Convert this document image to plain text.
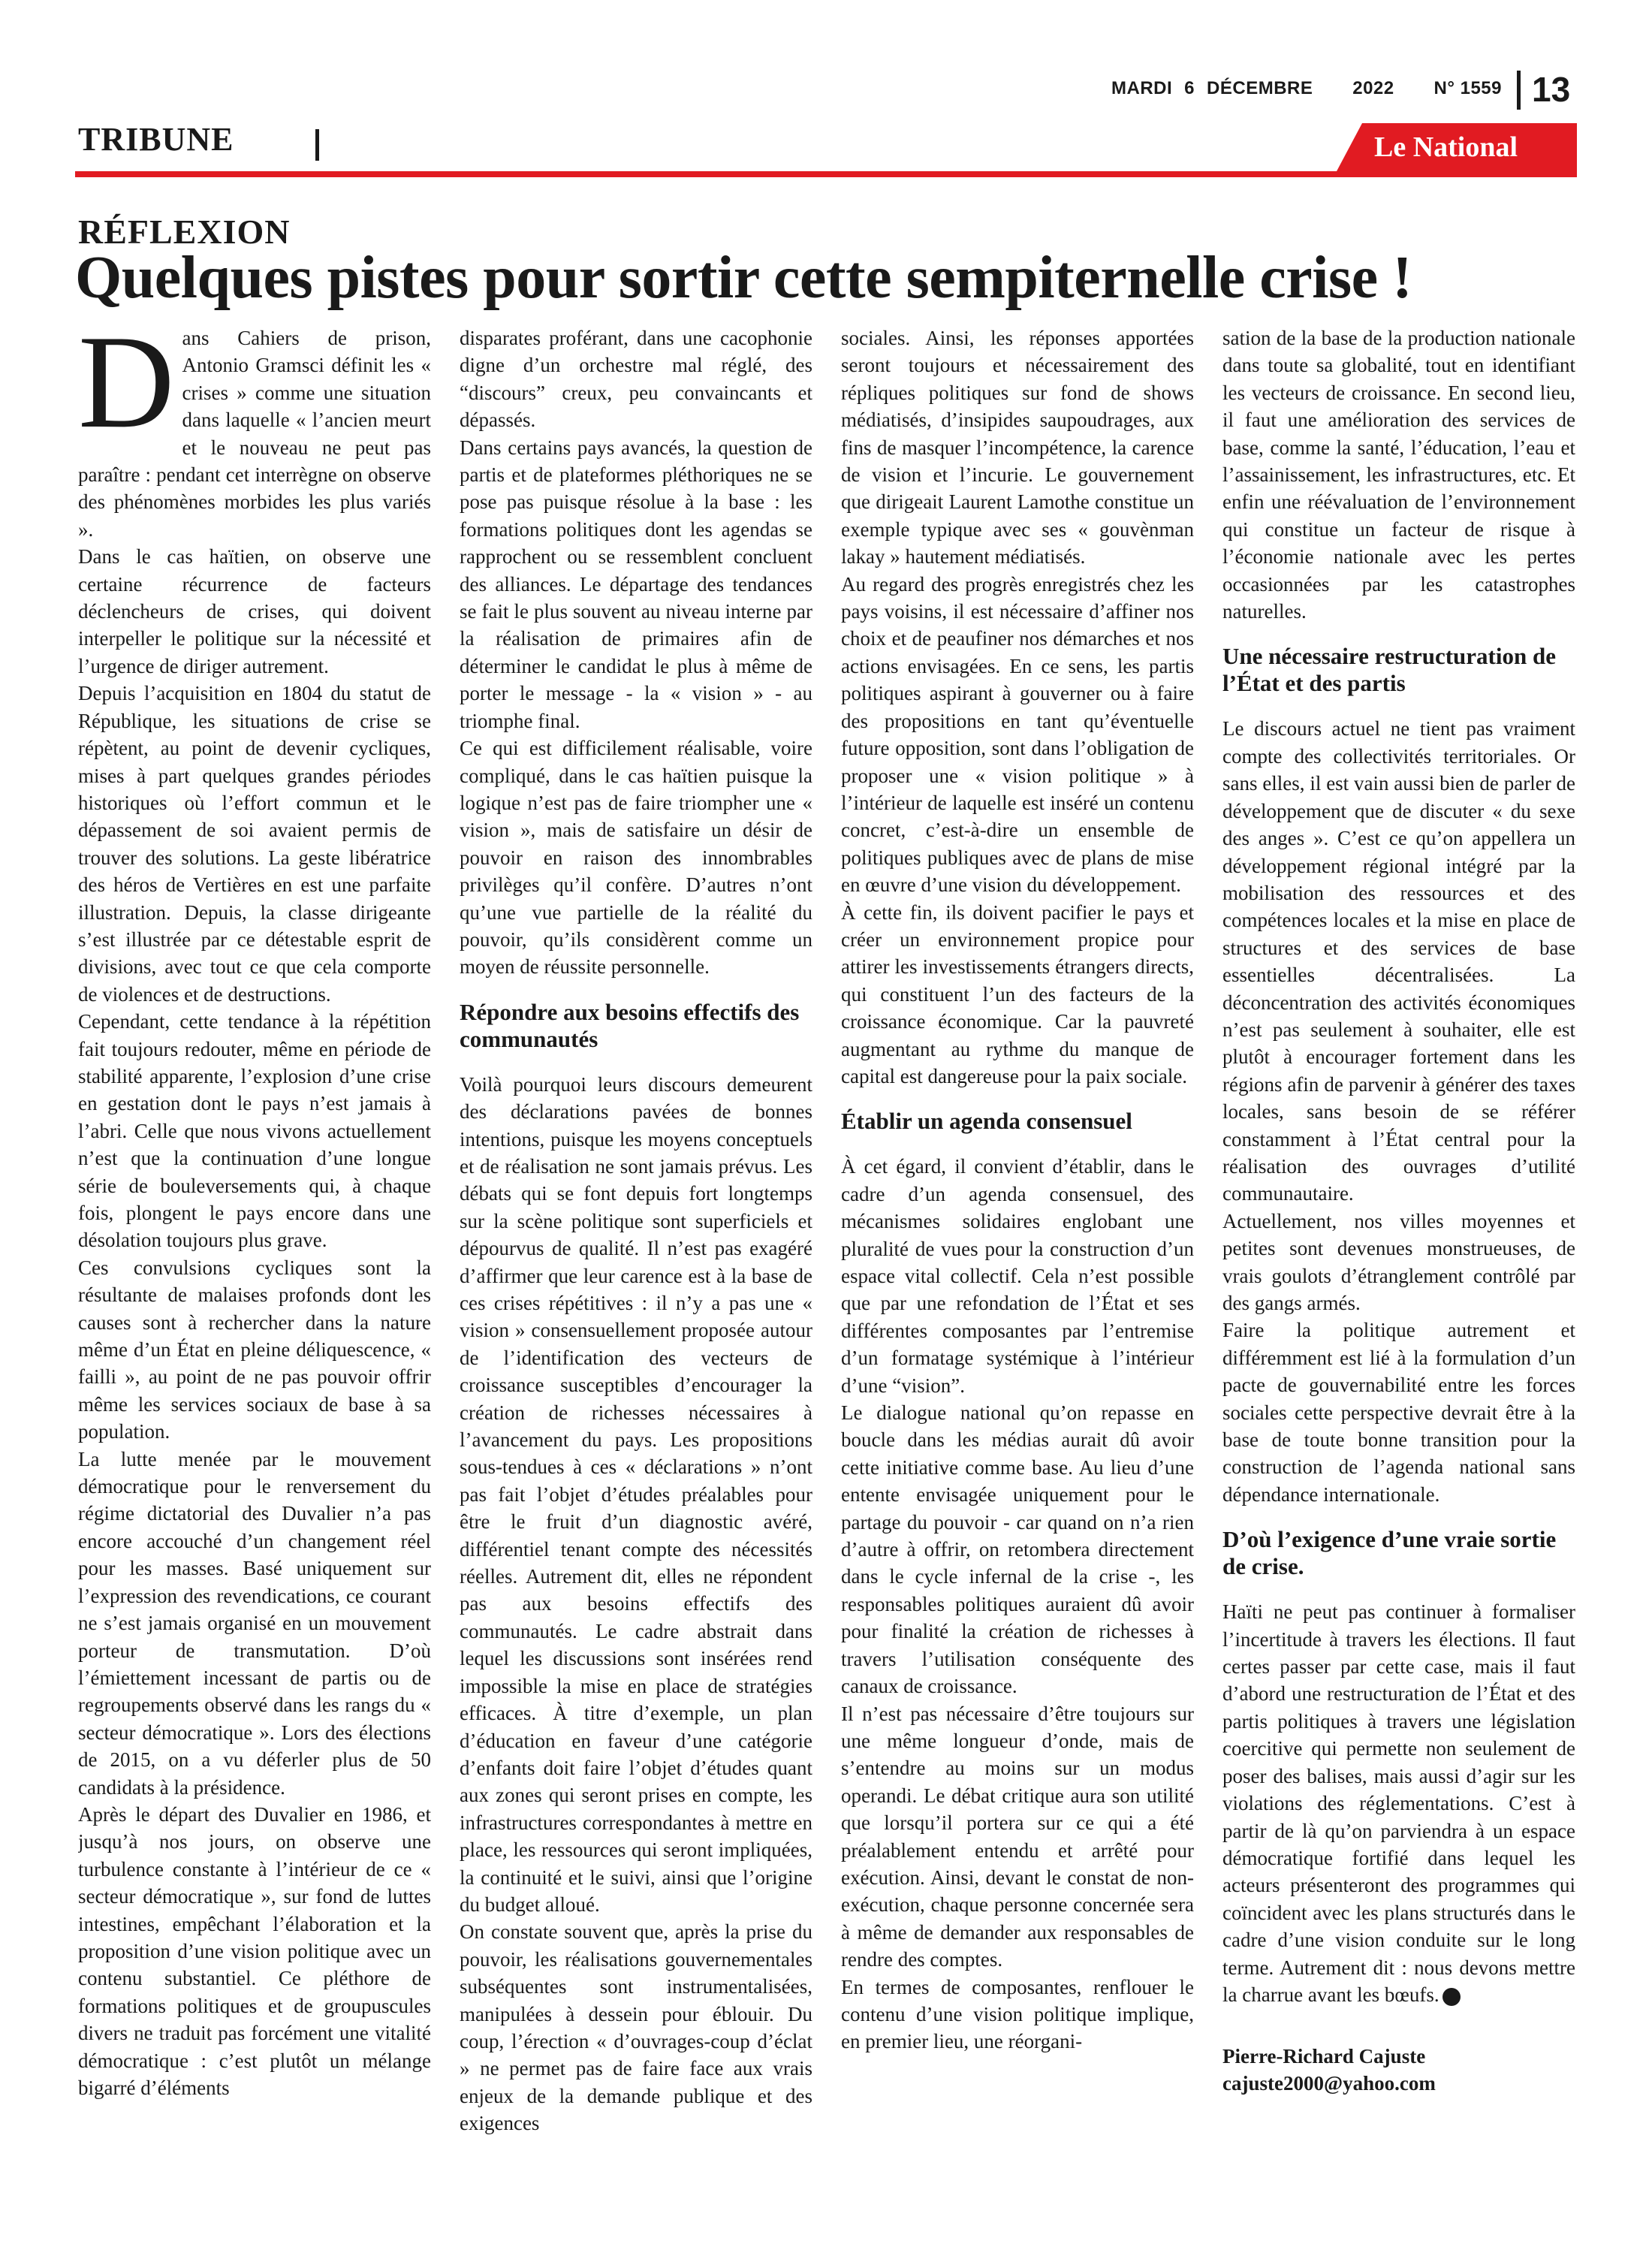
MARDI 6 DÉCEMBRE 2022 N° 1559 13
TRIBUNE	Le National
RÉFLEXION
Quelques pistes pour sortir cette sempiternelle crise !

Dans Cahiers de prison, Antonio Gramsci définit les « crises » comme une situation dans laquelle « l’ancien meurt et le nouveau ne peut pas paraître : pendant cet interrègne on observe des phénomènes morbides les plus variés ».

Dans le cas haïtien, on observe une certaine récurrence de facteurs déclencheurs de crises, qui doivent interpeller le politique sur la nécessité et l’urgence de diriger autrement.

Depuis l’acquisition en 1804 du statut de République, les situations de crise se répètent, au point de devenir cycliques, mises à part quelques grandes périodes historiques où l’effort commun et le dépassement de soi avaient permis de trouver des solutions. La geste libératrice des héros de Vertières en est une parfaite illustration. Depuis, la classe dirigeante s’est illustrée par ce détestable esprit de divisions, avec tout ce que cela comporte de violences et de destructions.

Cependant, cette tendance à la répétition fait toujours redouter, même en période de stabilité apparente, l’explosion d’une crise en gestation dont le pays n’est jamais à l’abri. Celle que nous vivons actuellement n’est que la continuation d’une longue série de bouleversements qui, à chaque fois, plongent le pays encore dans une désolation toujours plus grave.

Ces convulsions cycliques sont la résultante de malaises profonds dont les causes sont à rechercher dans la nature même d’un État en pleine déliquescence, « failli », au point de ne pas pouvoir offrir même les services sociaux de base à sa population.

La lutte menée par le mouvement démocratique pour le renversement du régime dictatorial des Duvalier n’a pas encore accouché d’un changement réel pour les masses. Basé uniquement sur l’expression des revendications, ce courant ne s’est jamais organisé en un mouvement porteur de transmutation. D’où l’émiettement incessant de partis ou de regroupements observé dans les rangs du « secteur démocratique ». Lors des élections de 2015, on a vu déferler plus de 50 candidats à la présidence.

Après le départ des Duvalier en 1986, et jusqu’à nos jours, on observe une turbulence constante à l’intérieur de ce « secteur démocratique », sur fond de luttes intestines, empêchant l’élaboration et la proposition d’une vision politique avec un contenu substantiel. Ce pléthore de formations politiques et de groupuscules divers ne traduit pas forcément une vitalité démocratique : c’est plutôt un mélange bigarré d’éléments

disparates proférant, dans une cacophonie digne d’un orchestre mal réglé, des “discours” creux, peu convaincants et dépassés.

Dans certains pays avancés, la question de partis et de plateformes pléthoriques ne se pose pas puisque résolue à la base : les formations politiques dont les agendas se rapprochent ou se ressemblent concluent des alliances. Le départage des tendances se fait le plus souvent au niveau interne par la réalisation de primaires afin de déterminer le candidat le plus à même de porter le message - la « vision » - au triomphe final.

Ce qui est difficilement réalisable, voire compliqué, dans le cas haïtien puisque la logique n’est pas de faire triompher une « vision », mais de satisfaire un désir de pouvoir en raison des innombrables privilèges qu’il confère. D’autres n’ont qu’une vue partielle de la réalité du pouvoir, qu’ils considèrent comme un moyen de réussite personnelle.

Répondre aux besoins effectifs des communautés

Voilà pourquoi leurs discours demeurent des déclarations pavées de bonnes intentions, puisque les moyens conceptuels et de réalisation ne sont jamais prévus. Les débats qui se font depuis fort longtemps sur la scène politique sont superficiels et dépourvus de qualité. Il n’est pas exagéré d’affirmer que leur carence est à la base de ces crises répétitives : il n’y a pas une « vision » consensuellement proposée autour de l’identification des vecteurs de croissance susceptibles d’encourager la création de richesses nécessaires à l’avancement du pays. Les propositions sous-tendues à ces « déclarations » n’ont pas fait l’objet d’études préalables pour être le fruit d’un diagnostic avéré, différentiel tenant compte des nécessités réelles. Autrement dit, elles ne répondent pas aux besoins effectifs des communautés. Le cadre abstrait dans lequel les discussions sont insérées rend impossible la mise en place de stratégies efficaces. À titre d’exemple, un plan d’éducation en faveur d’une catégorie d’enfants doit faire l’objet d’études quant aux zones qui seront prises en compte, les infrastructures correspondantes à mettre en place, les ressources qui seront impliquées, la continuité et le suivi, ainsi que l’origine du budget alloué.

On constate souvent que, après la prise du pouvoir, les réalisations gouvernementales subséquentes sont instrumentalisées, manipulées à dessein pour éblouir. Du coup, l’érection « d’ouvrages-coup d’éclat » ne permet pas de faire face aux vrais enjeux de la demande publique et des exigences

sociales. Ainsi, les réponses apportées seront toujours et nécessairement des répliques politiques sur fond de shows médiatisés, d’insipides saupoudrages, aux fins de masquer l’incompétence, la carence de vision et l’incurie. Le gouvernement que dirigeait Laurent Lamothe constitue un exemple typique avec ses « gouvènman lakay » hautement médiatisés.

Au regard des progrès enregistrés chez les pays voisins, il est nécessaire d’affiner nos choix et de peaufiner nos démarches et nos actions envisagées. En ce sens, les partis politiques aspirant à gouverner ou à faire des propositions en tant qu’éventuelle future opposition, sont dans l’obligation de proposer une « vision politique » à l’intérieur de laquelle est inséré un contenu concret, c’est-à-dire un ensemble de politiques publiques avec de plans de mise en œuvre d’une vision du développement.

À cette fin, ils doivent pacifier le pays et créer un environnement propice pour attirer les investissements étrangers directs, qui constituent l’un des facteurs de la croissance économique. Car la pauvreté augmentant au rythme du manque de capital est dangereuse pour la paix sociale.

Établir un agenda consensuel

À cet égard, il convient d’établir, dans le cadre d’un agenda consensuel, des mécanismes solidaires englobant une pluralité de vues pour la construction d’un espace vital collectif. Cela n’est possible que par une refondation de l’État et ses différentes composantes par l’entremise d’un formatage systémique à l’intérieur d’une “vision”.

Le dialogue national qu’on repasse en boucle dans les médias aurait dû avoir cette initiative comme base. Au lieu d’une entente envisagée uniquement pour le partage du pouvoir - car quand on n’a rien d’autre à offrir, on retombera directement dans le cycle infernal de la crise -, les responsables politiques auraient dû avoir pour finalité la création de richesses à travers l’utilisation conséquente des canaux de croissance.

Il n’est pas nécessaire d’être toujours sur une même longueur d’onde, mais de s’entendre au moins sur un modus operandi. Le débat critique aura son utilité que lorsqu’il portera sur ce qui a été préalablement entendu et arrêté pour exécution. Ainsi, devant le constat de non-exécution, chaque personne concernée sera à même de demander aux responsables de rendre des comptes.

En termes de composantes, renflouer le contenu d’une vision politique implique, en premier lieu, une réorgani-

sation de la base de la production nationale dans toute sa globalité, tout en identifiant les vecteurs de croissance. En second lieu, il faut une amélioration des services de base, comme la santé, l’éducation, l’eau et l’assainissement, les infrastructures, etc. Et enfin une réévaluation de l’environnement qui constitue un facteur de risque à l’économie nationale avec les pertes occasionnées par les catastrophes naturelles.

Une nécessaire restructuration de l’État et des partis

Le discours actuel ne tient pas vraiment compte des collectivités territoriales. Or sans elles, il est vain aussi bien de parler de développement que de discuter « du sexe des anges ». C’est ce qu’on appellera un développement régional intégré par la mobilisation des ressources et des compétences locales et la mise en place de structures et des services de base essentielles décentralisées. La déconcentration des activités économiques n’est pas seulement à souhaiter, elle est plutôt à encourager fortement dans les régions afin de parvenir à générer des taxes locales, sans besoin de se référer constamment à l’État central pour la réalisation des ouvrages d’utilité communautaire.

Actuellement, nos villes moyennes et petites sont devenues monstrueuses, de vrais goulots d’étranglement contrôlé par des gangs armés.

Faire la politique autrement et différemment est lié à la formulation d’un pacte de gouvernabilité entre les forces sociales cette perspective devrait être à la base de toute bonne transition pour la construction de l’agenda national sans dépendance internationale.

D’où l’exigence d’une vraie sortie de crise.

Haïti ne peut pas continuer à formaliser l’incertitude à travers les élections. Il faut certes passer par cette case, mais il faut d’abord une restructuration de l’État et des partis politiques à travers une législation coercitive qui permette non seulement de poser des balises, mais aussi d’agir sur les violations des réglementations. C’est à partir de là qu’on parviendra à un espace démocratique fortifié dans lequel les acteurs présenteront des programmes qui coïncident avec les plans structurés dans le cadre d’une vision conduite sur le long terme. Autrement dit : nous devons mettre la charrue avant les bœufs.

Pierre-Richard Cajuste
cajuste2000@yahoo.com
